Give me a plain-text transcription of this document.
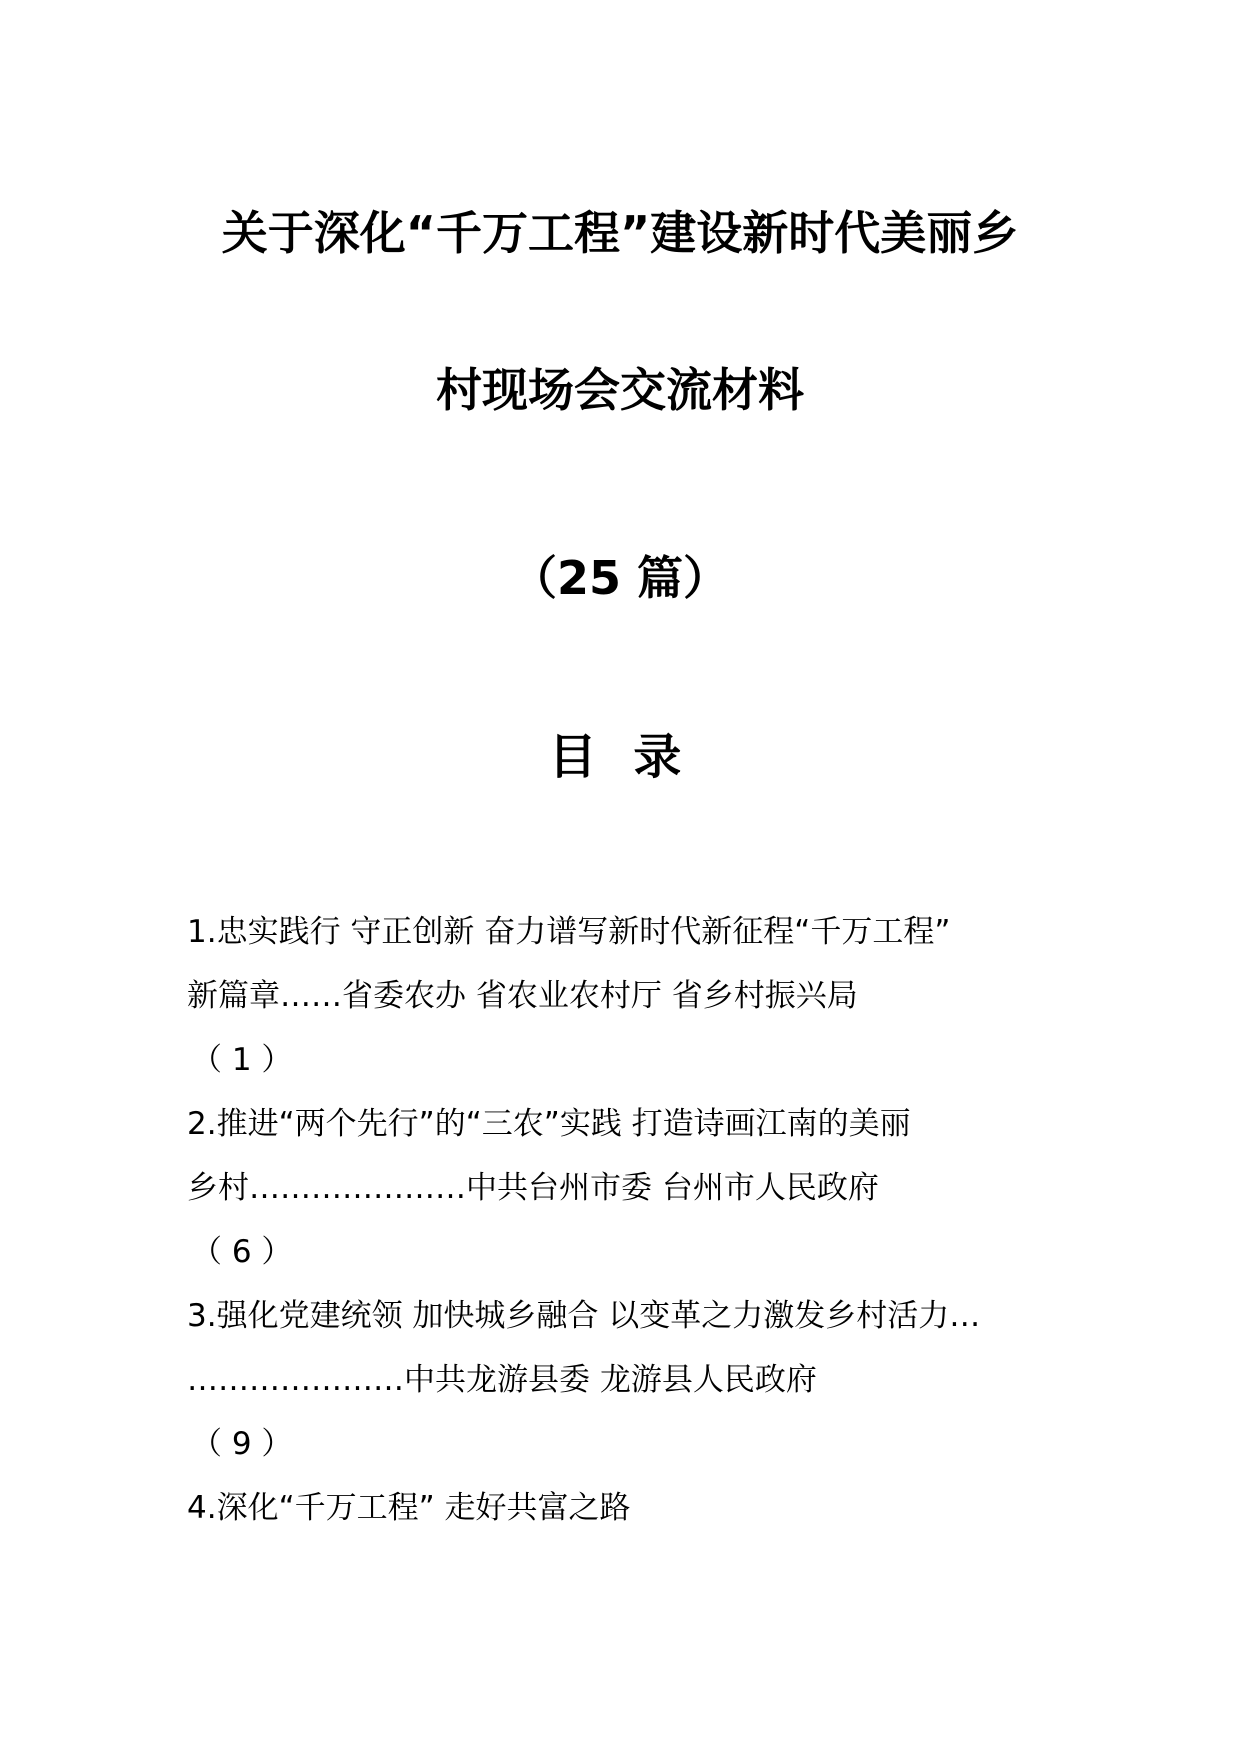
关于深化“千万工程”建设新时代美丽乡
村现场会交流材料
（25 篇）
目 录
1.忠实践行 守正创新 奋力谱写新时代新征程“千万工程”
新篇章……省委农办 省农业农村厅 省乡村振兴局
（ 1 ）
2.推进“两个先行”的“三农”实践 打造诗画江南的美丽
乡村…………………中共台州市委 台州市人民政府
（ 6 ）
3.强化党建统领 加快城乡融合 以变革之力激发乡村活力…
…………………中共龙游县委 龙游县人民政府
（ 9 ）
4.深化“千万工程” 走好共富之路
